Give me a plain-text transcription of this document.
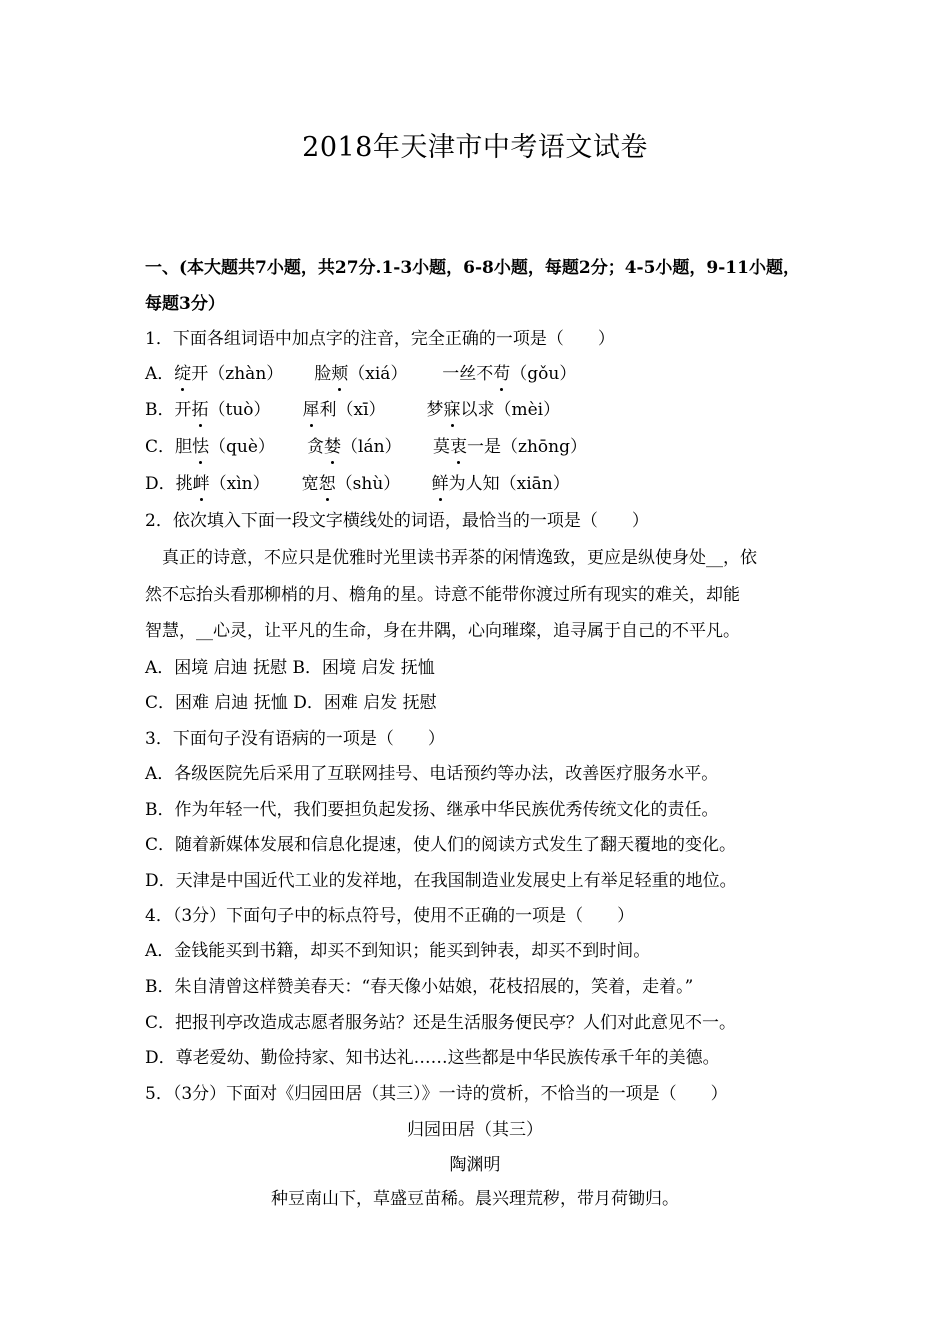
2018年天津市中考语文试卷
一、(本大题共7小题，共27分.1-3小题，6-8小题，每题2分；4-5小题，9-11小题，
每题3分）
1．下面各组词语中加点字的注音，完全正确的一项是（　　）
A．绽开（zhàn） 脸颊（xiá） 一丝不苟（gǒu）
B．开拓（tuò） 犀利（xī） 梦寐以求（mèi）
C．胆怯（què） 贪婪（lán） 莫衷一是（zhōng）
D．挑衅（xìn） 宽恕（shù） 鲜为人知（xiān）
2．依次填入下面一段文字横线处的词语，最恰当的一项是（　　）
真正的诗意，不应只是优雅时光里读书弄茶的闲情逸致，更应是纵使身处__，依
然不忘抬头看那柳梢的月、檐角的星。诗意不能带你渡过所有现实的难关，却能
智慧，__心灵，让平凡的生命，身在井隅，心向璀璨，追寻属于自己的不平凡。
A．困境 启迪 抚慰 B．困境 启发 抚恤
C．困难 启迪 抚恤 D．困难 启发 抚慰
3．下面句子没有语病的一项是（　　）
A．各级医院先后采用了互联网挂号、电话预约等办法，改善医疗服务水平。
B．作为年轻一代，我们要担负起发扬、继承中华民族优秀传统文化的责任。
C．随着新媒体发展和信息化提速，使人们的阅读方式发生了翻天覆地的变化。
D．天津是中国近代工业的发祥地，在我国制造业发展史上有举足轻重的地位。
4．（3分）下面句子中的标点符号，使用不正确的一项是（　　）
A．金钱能买到书籍，却买不到知识；能买到钟表，却买不到时间。
B．朱自清曾这样赞美春天：“春天像小姑娘，花枝招展的，笑着，走着。”
C．把报刊亭改造成志愿者服务站？还是生活服务便民亭？人们对此意见不一。
D．尊老爱幼、勤俭持家、知书达礼……这些都是中华民族传承千年的美德。
5．（3分）下面对《归园田居（其三）》一诗的赏析，不恰当的一项是（　　）
归园田居（其三）
陶渊明
种豆南山下，草盛豆苗稀。晨兴理荒秽，带月荷锄归。
